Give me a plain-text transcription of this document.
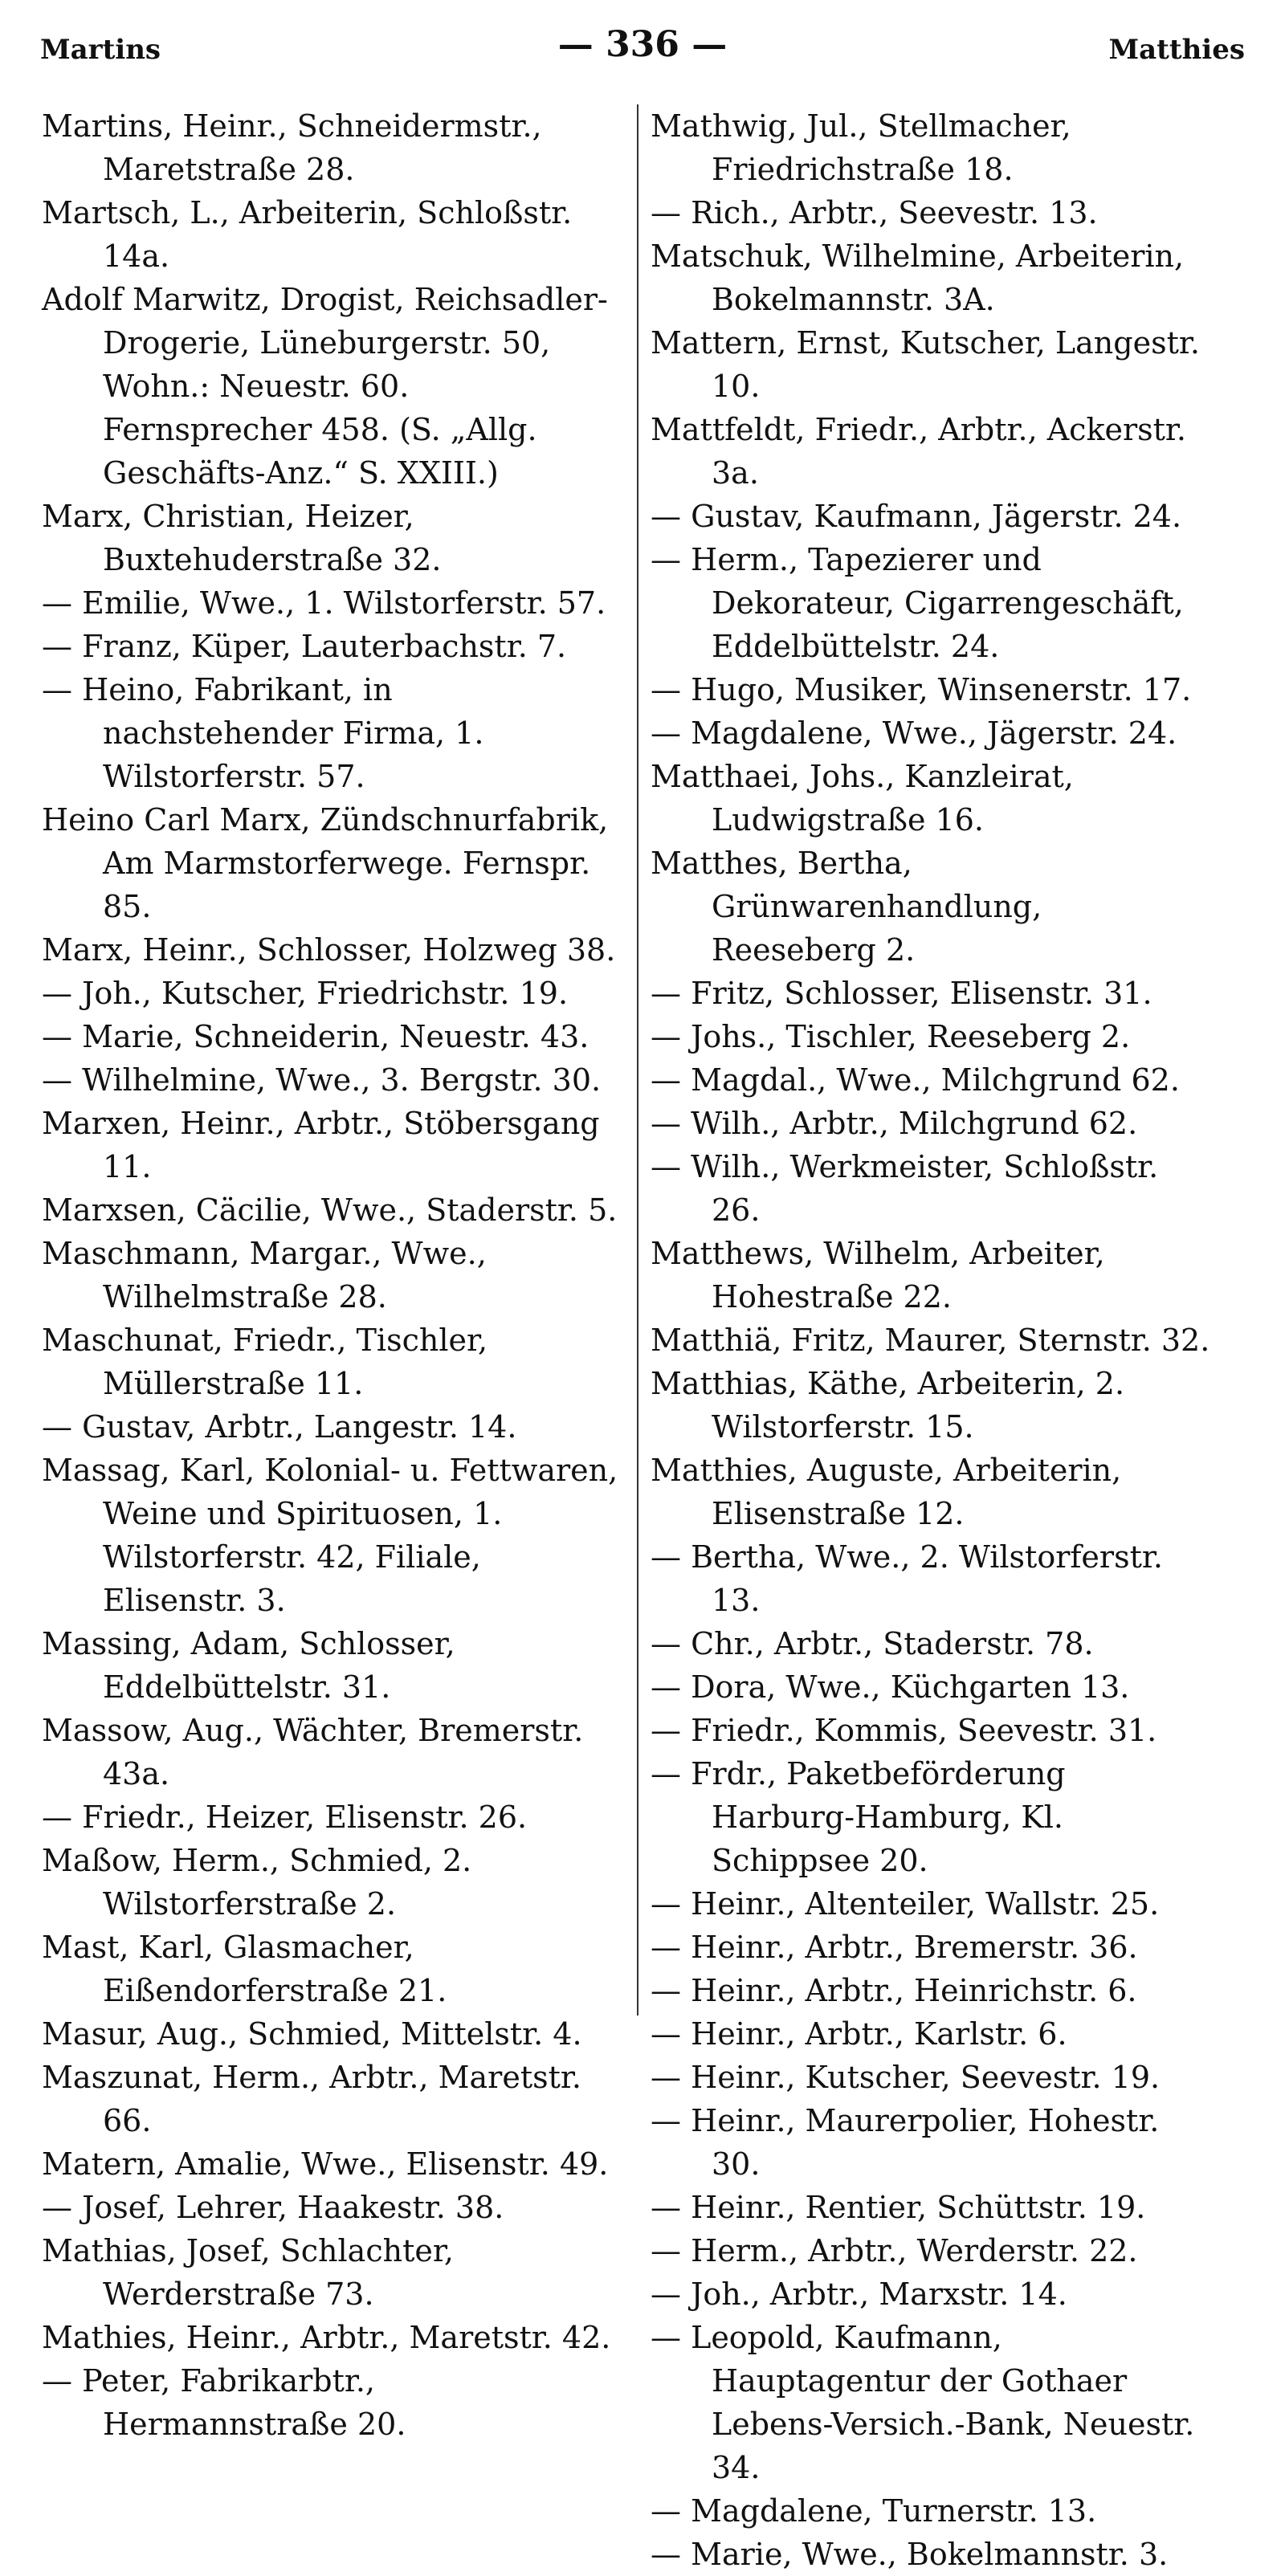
Martins	— 336 —	Matthies

Martins, Heinr., Schneidermstr., Maretstraße 28.

Martsch, L., Arbeiterin, Schloßstr. 14a.

Adolf Marwitz, Drogist, Reichsadler-Drogerie, Lüneburgerstr. 50, Wohn.: Neuestr. 60. Fernsprecher 458. (S. „Allg. Geschäfts-Anz.“ S. XXIII.)

Marx, Christian, Heizer, Buxtehuderstraße 32.

— Emilie, Wwe., 1. Wilstorferstr. 57.

— Franz, Küper, Lauterbachstr. 7.

— Heino, Fabrikant, in nachstehender Firma, 1. Wilstorferstr. 57.

Heino Carl Marx, Zündschnurfabrik, Am Marmstorferwege. Fernspr. 85.

Marx, Heinr., Schlosser, Holzweg 38.

— Joh., Kutscher, Friedrichstr. 19.

— Marie, Schneiderin, Neuestr. 43.

— Wilhelmine, Wwe., 3. Bergstr. 30.

Marxen, Heinr., Arbtr., Stöbersgang 11.

Marxsen, Cäcilie, Wwe., Staderstr. 5.

Maschmann, Margar., Wwe., Wilhelmstraße 28.

Maschunat, Friedr., Tischler, Müllerstraße 11.

— Gustav, Arbtr., Langestr. 14.

Massag, Karl, Kolonial- u. Fettwaren, Weine und Spirituosen, 1. Wilstorferstr. 42, Filiale, Elisenstr. 3.

Massing, Adam, Schlosser, Eddelbüttelstr. 31.

Massow, Aug., Wächter, Bremerstr. 43a.

— Friedr., Heizer, Elisenstr. 26.

Maßow, Herm., Schmied, 2. Wilstorferstraße 2.

Mast, Karl, Glasmacher, Eißendorferstraße 21.

Masur, Aug., Schmied, Mittelstr. 4.

Maszunat, Herm., Arbtr., Maretstr. 66.

Matern, Amalie, Wwe., Elisenstr. 49.

— Josef, Lehrer, Haakestr. 38.

Mathias, Josef, Schlachter, Werderstraße 73.

Mathies, Heinr., Arbtr., Maretstr. 42.

— Peter, Fabrikarbtr., Hermannstraße 20.

Mathwig, Jul., Stellmacher, Friedrichstraße 18.

— Rich., Arbtr., Seevestr. 13.

Matschuk, Wilhelmine, Arbeiterin, Bokelmannstr. 3A.

Mattern, Ernst, Kutscher, Langestr. 10.

Mattfeldt, Friedr., Arbtr., Ackerstr. 3a.

— Gustav, Kaufmann, Jägerstr. 24.

— Herm., Tapezierer und Dekorateur, Cigarrengeschäft, Eddelbüttelstr. 24.

— Hugo, Musiker, Winsenerstr. 17.

— Magdalene, Wwe., Jägerstr. 24.

Matthaei, Johs., Kanzleirat, Ludwigstraße 16.

Matthes, Bertha, Grünwarenhandlung, Reeseberg 2.

— Fritz, Schlosser, Elisenstr. 31.

— Johs., Tischler, Reeseberg 2.

— Magdal., Wwe., Milchgrund 62.

— Wilh., Arbtr., Milchgrund 62.

— Wilh., Werkmeister, Schloßstr. 26.

Matthews, Wilhelm, Arbeiter, Hohestraße 22.

Matthiä, Fritz, Maurer, Sternstr. 32.

Matthias, Käthe, Arbeiterin, 2. Wilstorferstr. 15.

Matthies, Auguste, Arbeiterin, Elisenstraße 12.

— Bertha, Wwe., 2. Wilstorferstr. 13.

— Chr., Arbtr., Staderstr. 78.

— Dora, Wwe., Küchgarten 13.

— Friedr., Kommis, Seevestr. 31.

— Frdr., Paketbeförderung Harburg-Hamburg, Kl. Schippsee 20.

— Heinr., Altenteiler, Wallstr. 25.

— Heinr., Arbtr., Bremerstr. 36.

— Heinr., Arbtr., Heinrichstr. 6.

— Heinr., Arbtr., Karlstr. 6.

— Heinr., Kutscher, Seevestr. 19.

— Heinr., Maurerpolier, Hohestr. 30.

— Heinr., Rentier, Schüttstr. 19.

— Herm., Arbtr., Werderstr. 22.

— Joh., Arbtr., Marxstr. 14.

— Leopold, Kaufmann, Hauptagentur der Gothaer Lebens-Versich.-Bank, Neuestr. 34.

— Magdalene, Turnerstr. 13.

— Marie, Wwe., Bokelmannstr. 3.
